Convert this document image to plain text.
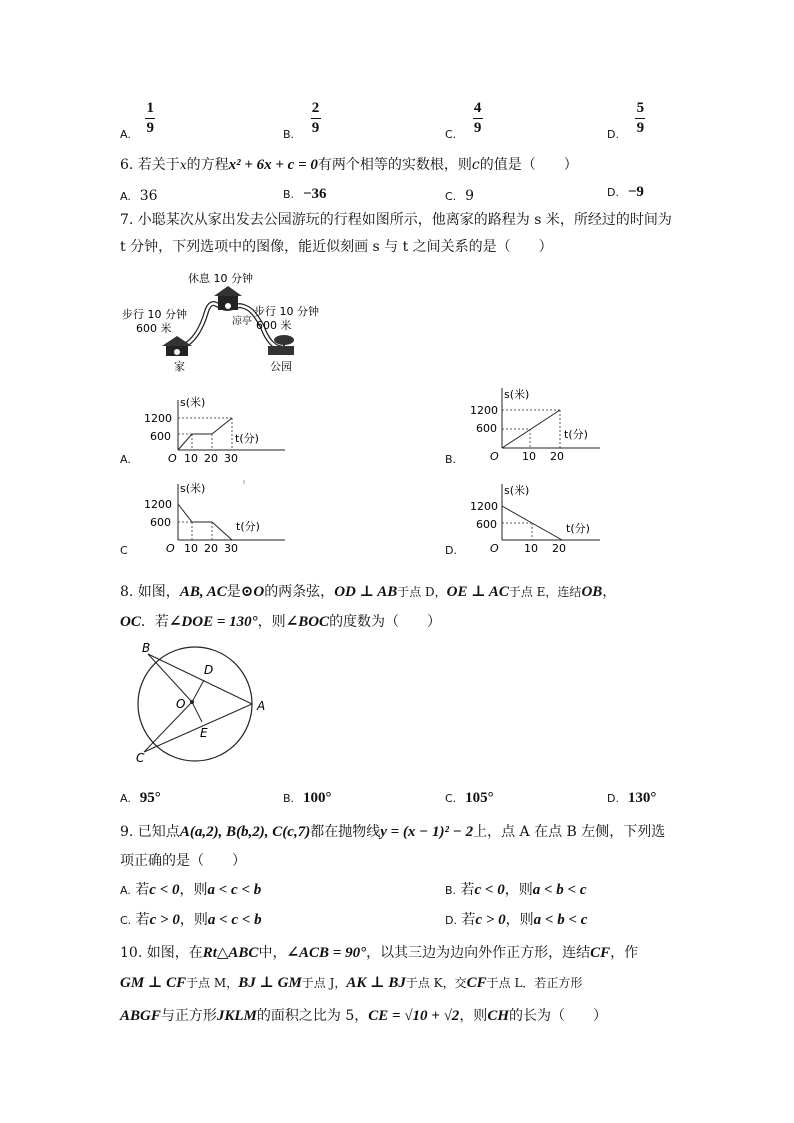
$_{A.} \frac{1}{9}$	$_{B.} \frac{2}{9}$	$_{C.} \frac{4}{9}$	$_{D.} \frac{5}{9}$
6. 若关于x的方程x² + 6x + c = 0有两个相等的实数根，则c的值是（　　）
A. 36	B. −36	C. 9	D. −9
7. 小聪某次从家出发去公园游玩的行程如图所示，他离家的路程为 s 米，所经过的时间为
t 分钟，下列选项中的图像，能近似刻画 s 与 t 之间关系的是（　　）
休息 10 分钟
步行 10 分钟
600 米
凉亭
步行 10 分钟
600 米
家	公园
A.
s(米)
t(分)
1200
600
10 20 30
O	B.
s(米)
t(分)
1200
600
10 20
O
C
s(米)
t(分)
1200
600
10 20 30
O	D.
s(米)
t(分)
1200
600
10 20
O
8. 如图，AB, AC是⊙O的两条弦，OD ⊥ AB于点 D，OE ⊥ AC于点 E，连结OB，
OC．若∠DOE = 130°，则∠BOC的度数为（　　）
B
D
O	A
E
C
A. 95°	B. 100°	C. 105°	D. 130°
9. 已知点A(a,2), B(b,2), C(c,7)都在抛物线y = (x − 1)² − 2上，点 A 在点 B 左侧，下列选
项正确的是（　　）
A. 若c < 0，则a < c < b	B. 若c < 0，则a < b < c
C. 若c > 0，则a < c < b	D. 若c > 0，则a < b < c
10. 如图，在Rt△ABC中，∠ACB = 90°，以其三边为边向外作正方形，连结CF，作
GM ⊥ CF于点 M，BJ ⊥ GM于点 J，AK ⊥ BJ于点 K，交CF于点 L．若正方形
ABGF与正方形JKLM的面积之比为 5，CE = √10 + √2，则CH的长为（　　）
